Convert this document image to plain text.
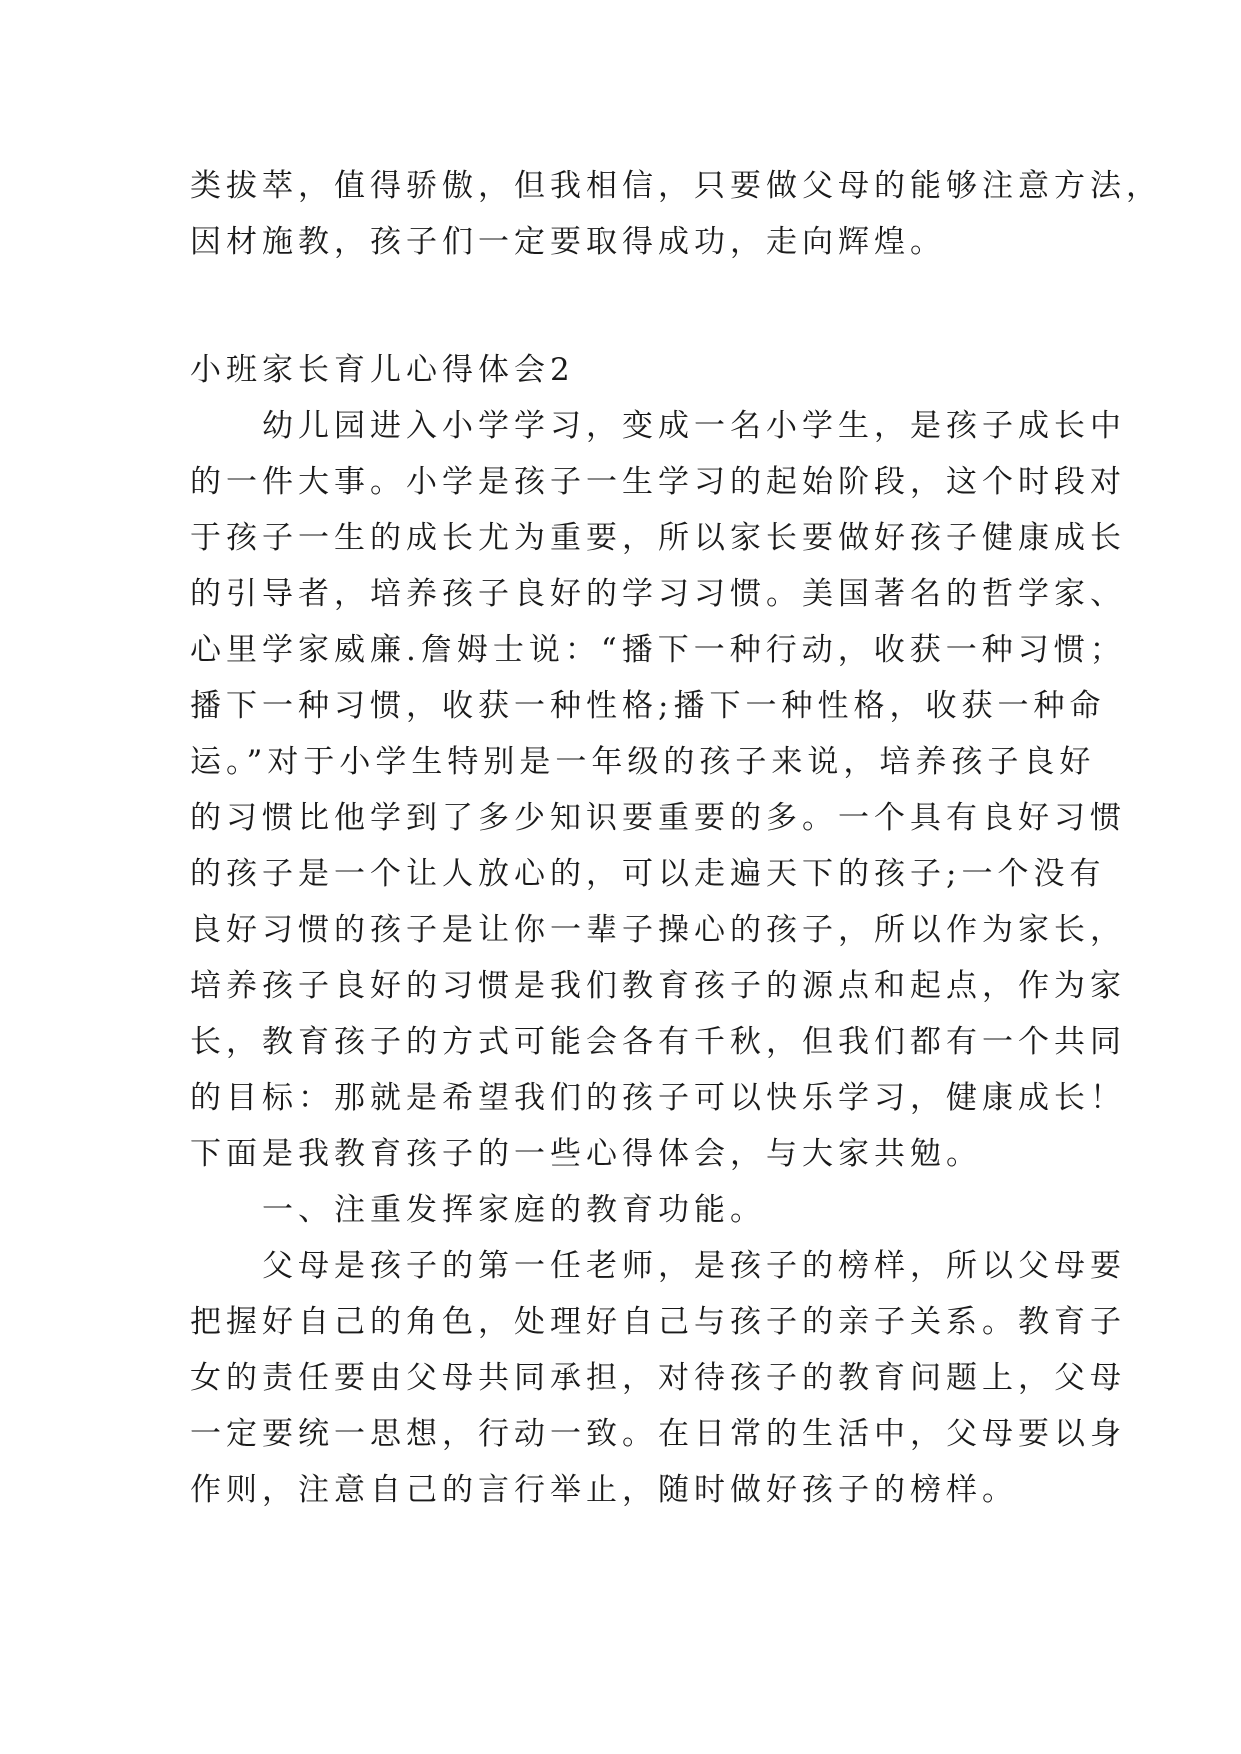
类拔萃，值得骄傲，但我相信，只要做父母的能够注意方法，
因材施教，孩子们一定要取得成功，走向辉煌。

小班家长育儿心得体会2

幼儿园进入小学学习，变成一名小学生，是孩子成长中
的一件大事。小学是孩子一生学习的起始阶段，这个时段对
于孩子一生的成长尤为重要，所以家长要做好孩子健康成长
的引导者，培养孩子良好的学习习惯。美国著名的哲学家、
心里学家威廉.詹姆士说：“播下一种行动，收获一种习惯；
播下一种习惯，收获一种性格;播下一种性格，收获一种命
运。”对于小学生特别是一年级的孩子来说，培养孩子良好
的习惯比他学到了多少知识要重要的多。一个具有良好习惯
的孩子是一个让人放心的，可以走遍天下的孩子;一个没有
良好习惯的孩子是让你一辈子操心的孩子，所以作为家长，
培养孩子良好的习惯是我们教育孩子的源点和起点，作为家
长，教育孩子的方式可能会各有千秋，但我们都有一个共同
的目标：那就是希望我们的孩子可以快乐学习，健康成长！
下面是我教育孩子的一些心得体会，与大家共勉。

一、注重发挥家庭的教育功能。

父母是孩子的第一任老师，是孩子的榜样，所以父母要
把握好自己的角色，处理好自己与孩子的亲子关系。教育子
女的责任要由父母共同承担，对待孩子的教育问题上，父母
一定要统一思想，行动一致。在日常的生活中，父母要以身
作则，注意自己的言行举止，随时做好孩子的榜样。
